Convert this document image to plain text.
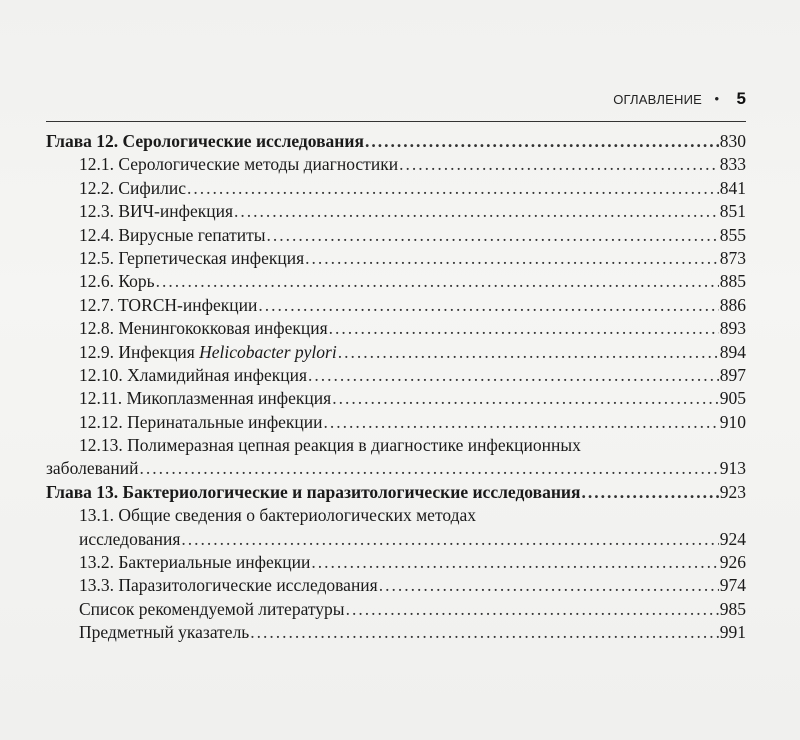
ОГЛАВЛЕНИЕ • 5
Глава 12. Серологические исследования .....	830
12.1. Серологические методы диагностики .....	833
12.2. Сифилис .....	841
12.3. ВИЧ-инфекция .....	851
12.4. Вирусные гепатиты .....	855
12.5. Герпетическая инфекция .....	873
12.6. Корь .....	885
12.7. TORCH-инфекции .....	886
12.8. Менингококковая инфекция .....	893
12.9. Инфекция Helicobacter pylori .....	894
12.10. Хламидийная инфекция .....	897
12.11. Микоплазменная инфекция .....	905
12.12. Перинатальные инфекции .....	910
12.13. Полимеразная цепная реакция в диагностике инфекционных
заболеваний .....	913
Глава 13. Бактериологические и паразитологические исследования .....	923
13.1. Общие сведения о бактериологических методах
исследования .....	924
13.2. Бактериальные инфекции .....	926
13.3. Паразитологические исследования .....	974
Список рекомендуемой литературы .....	985
Предметный указатель .....	991
